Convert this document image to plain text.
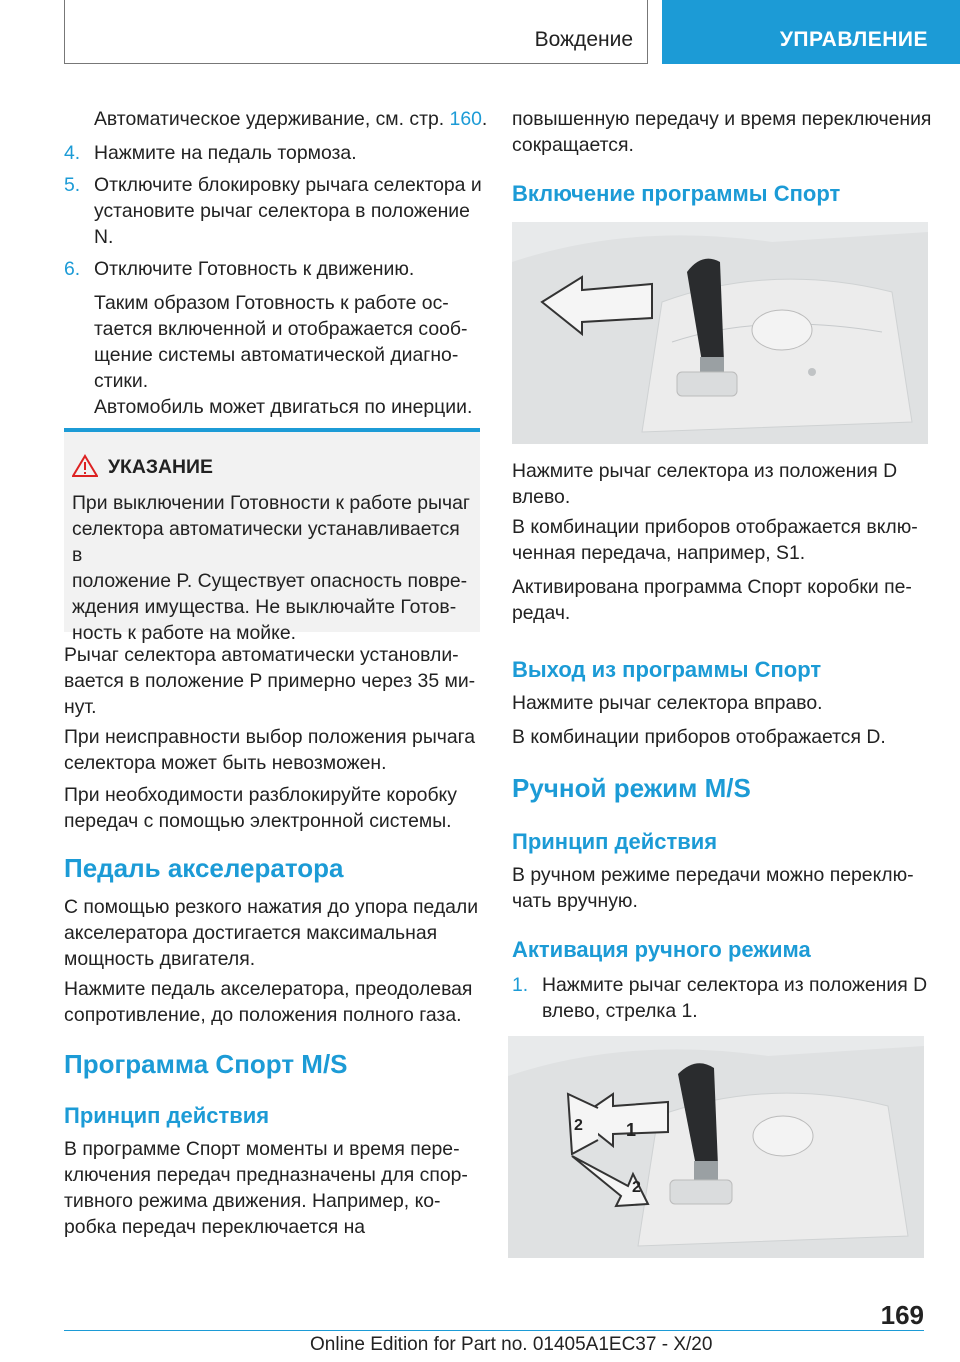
Вождение	УПРАВЛЕНИЕ
Автоматическое удерживание, см. стр. 160.
4. Нажмите на педаль тормоза.
5. Отключите блокировку рычага селектора и
установите рычаг селектора в положение
N.
6. Отключите Готовность к движению.
Таким образом Готовность к работе ос-
тается включенной и отображается сооб-
щение системы автоматической диагно-
стики.
Автомобиль может двигаться по инерции.
УКАЗАНИЕ
При выключении Готовности к работе рычаг
селектора автоматически устанавливается в
положение P. Существует опасность повре-
ждения имущества. Не выключайте Готов-
ность к работе на мойке.
Рычаг селектора автоматически установли-
вается в положение P примерно через 35 ми-
нут.
При неисправности выбор положения рычага
селектора может быть невозможен.
При необходимости разблокируйте коробку
передач с помощью электронной системы.
Педаль акселератора
С помощью резкого нажатия до упора педали
акселератора достигается максимальная
мощность двигателя.
Нажмите педаль акселератора, преодолевая
сопротивление, до положения полного газа.
Программа Спорт M/S
Принцип действия
В программе Спорт моменты и время пере-
ключения передач предназначены для спор-
тивного режима движения. Например, ко-
робка передач переключается на
повышенную передачу и время переключения
сокращается.
Включение программы Спорт
Нажмите рычаг селектора из положения D
влево.
В комбинации приборов отображается вклю-
ченная передача, например, S1.
Активирована программа Спорт коробки пе-
редач.
Выход из программы Спорт
Нажмите рычаг селектора вправо.
В комбинации приборов отображается D.
Ручной режим M/S
Принцип действия
В ручном режиме передачи можно переклю-
чать вручную.
Активация ручного режима
1. Нажмите рычаг селектора из положения D
влево, стрелка 1.
1
2
2
169
Online Edition for Part no. 01405A1EC37 - X/20
